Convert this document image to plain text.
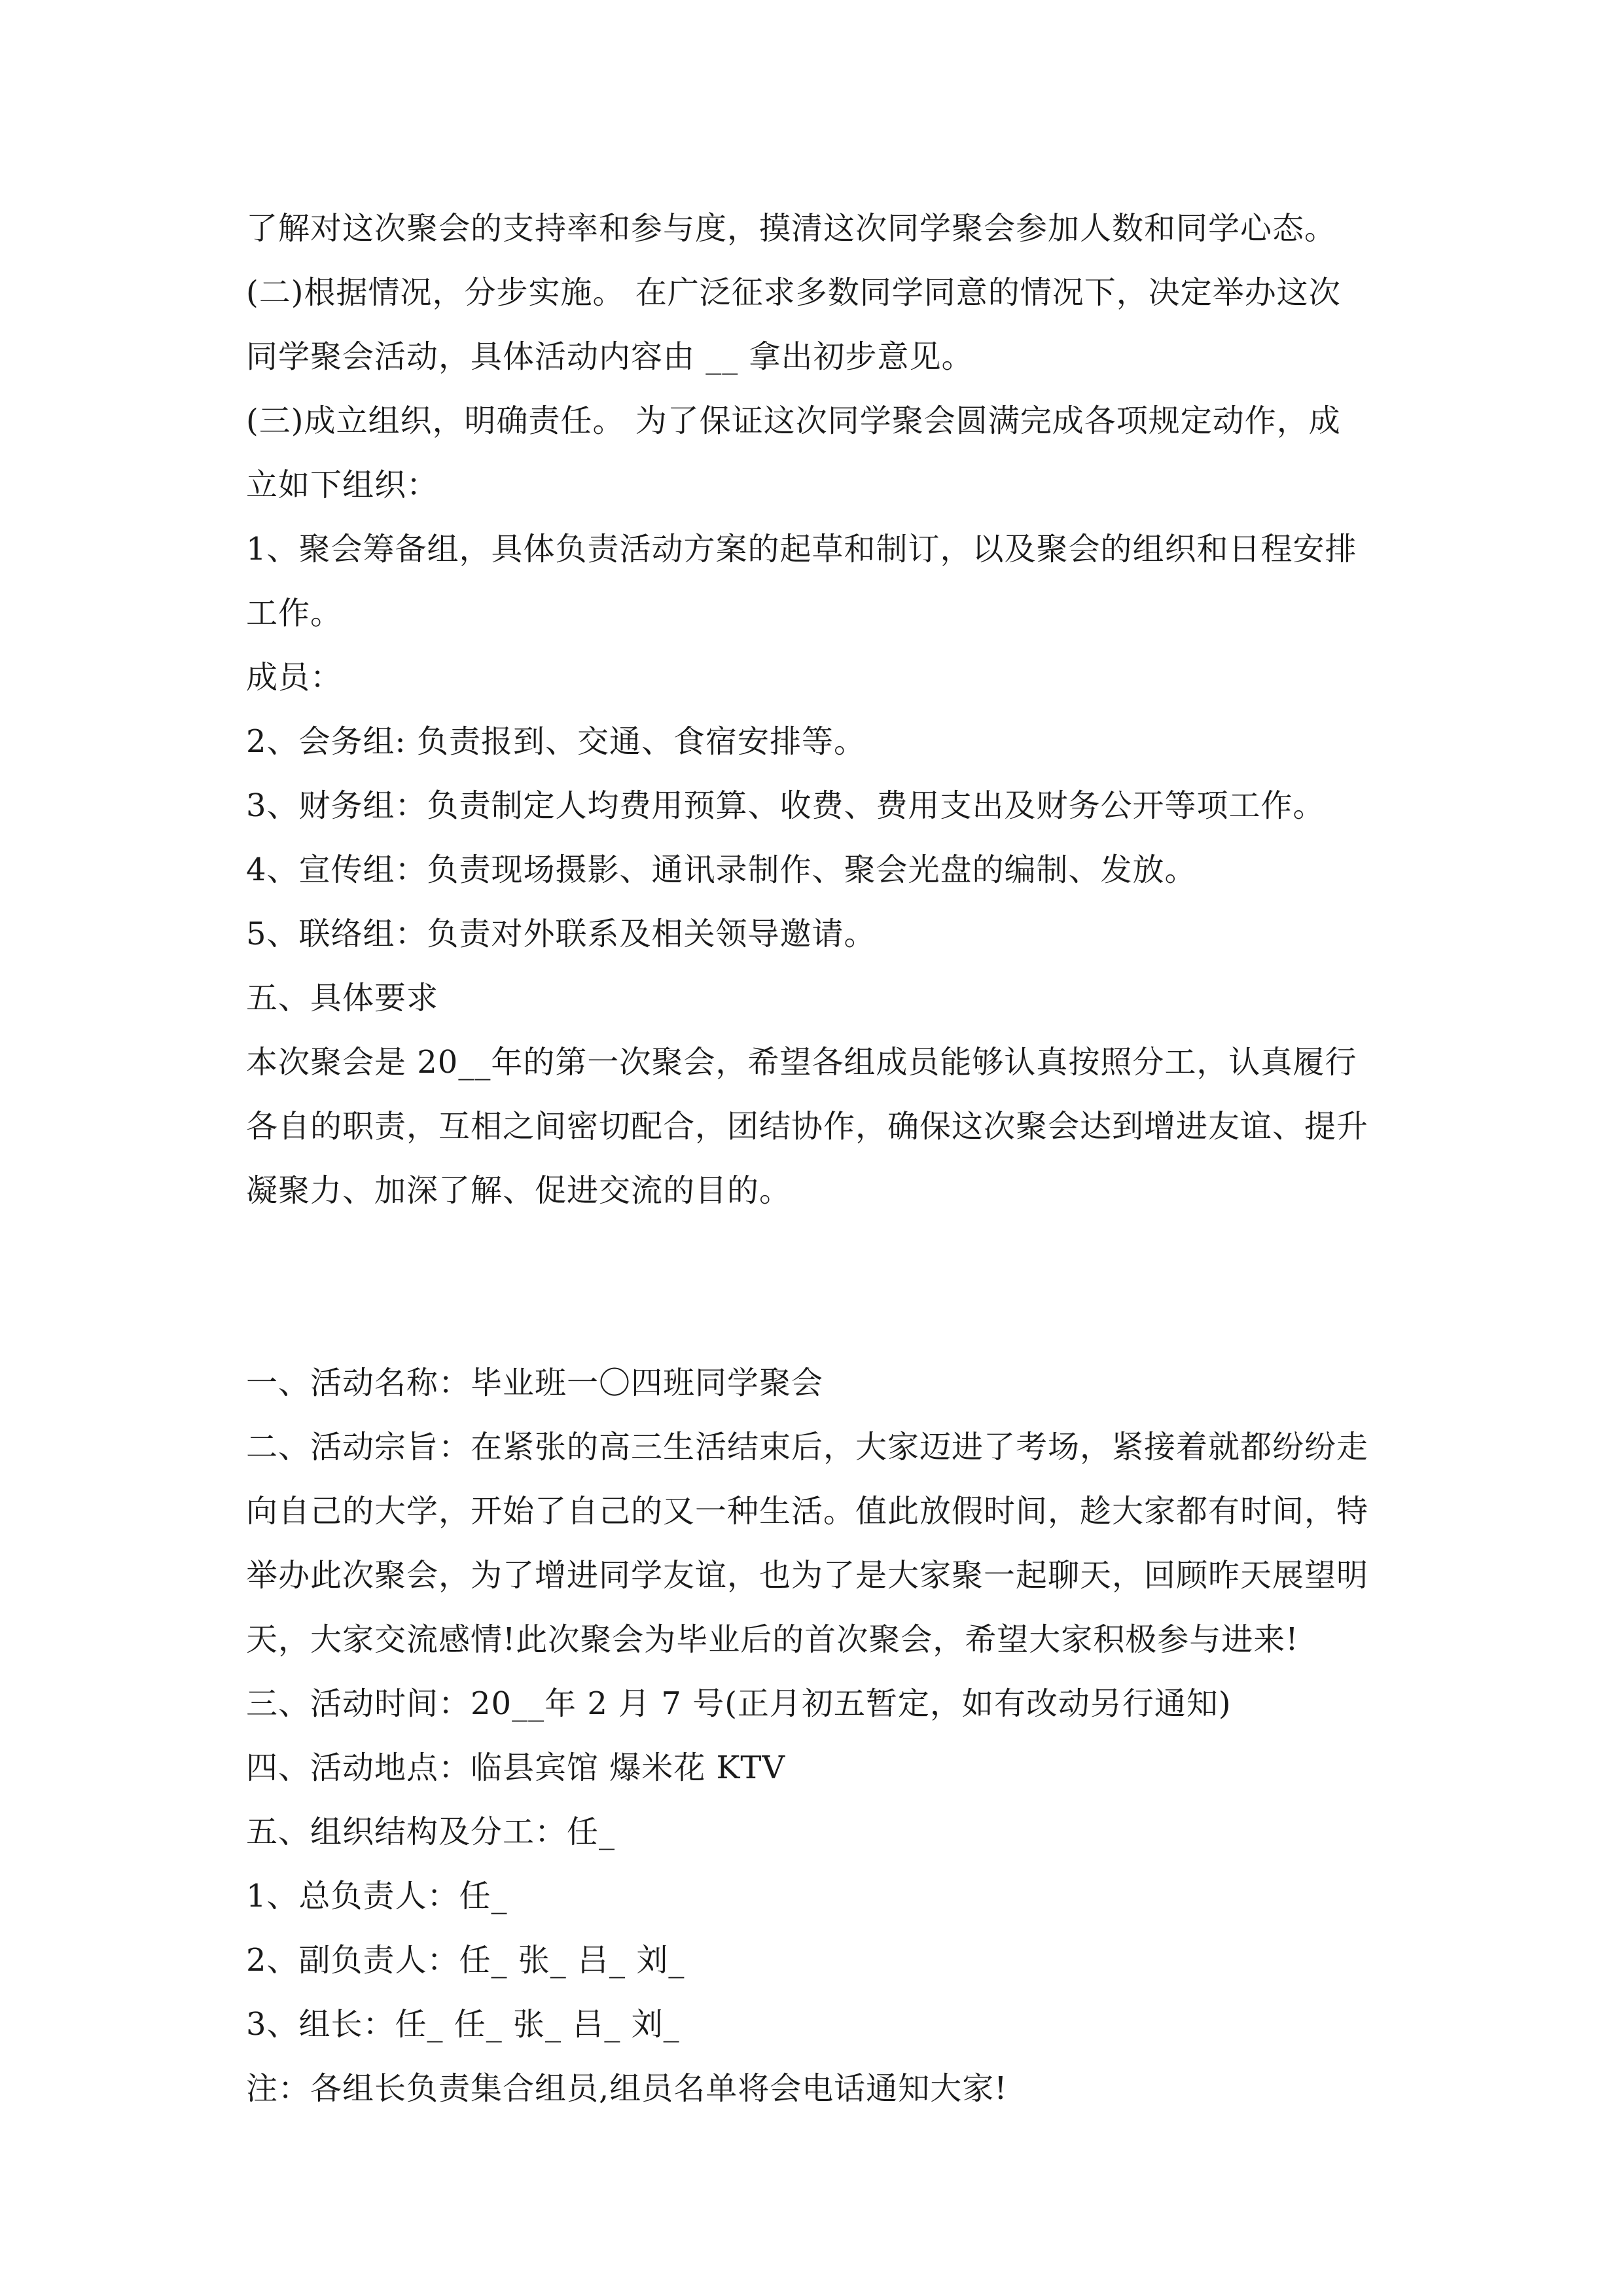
了解对这次聚会的支持率和参与度，摸清这次同学聚会参加人数和同学心态。
(二)根据情况，分步实施。 在广泛征求多数同学同意的情况下，决定举办这次
同学聚会活动，具体活动内容由 __ 拿出初步意见。
(三)成立组织，明确责任。 为了保证这次同学聚会圆满完成各项规定动作，成
立如下组织：
1、聚会筹备组，具体负责活动方案的起草和制订，以及聚会的组织和日程安排
工作。
成员：
2、会务组: 负责报到、交通、食宿安排等。
3、财务组：负责制定人均费用预算、收费、费用支出及财务公开等项工作。
4、宣传组：负责现场摄影、通讯录制作、聚会光盘的编制、发放。
5、联络组：负责对外联系及相关领导邀请。
五、具体要求
本次聚会是 20__年的第一次聚会，希望各组成员能够认真按照分工，认真履行
各自的职责，互相之间密切配合，团结协作，确保这次聚会达到增进友谊、提升
凝聚力、加深了解、促进交流的目的。
一、活动名称：毕业班一〇四班同学聚会
二、活动宗旨：在紧张的高三生活结束后，大家迈进了考场，紧接着就都纷纷走
向自己的大学，开始了自己的又一种生活。值此放假时间，趁大家都有时间，特
举办此次聚会，为了增进同学友谊，也为了是大家聚一起聊天，回顾昨天展望明
天，大家交流感情!此次聚会为毕业后的首次聚会，希望大家积极参与进来!
三、活动时间：20__年 2 月 7 号(正月初五暂定，如有改动另行通知)
四、活动地点：临县宾馆 爆米花 KTV
五、组织结构及分工：任_
1、总负责人：任_
2、副负责人：任_ 张_ 吕_ 刘_
3、组长：任_ 任_ 张_ 吕_ 刘_
注：各组长负责集合组员,组员名单将会电话通知大家!
